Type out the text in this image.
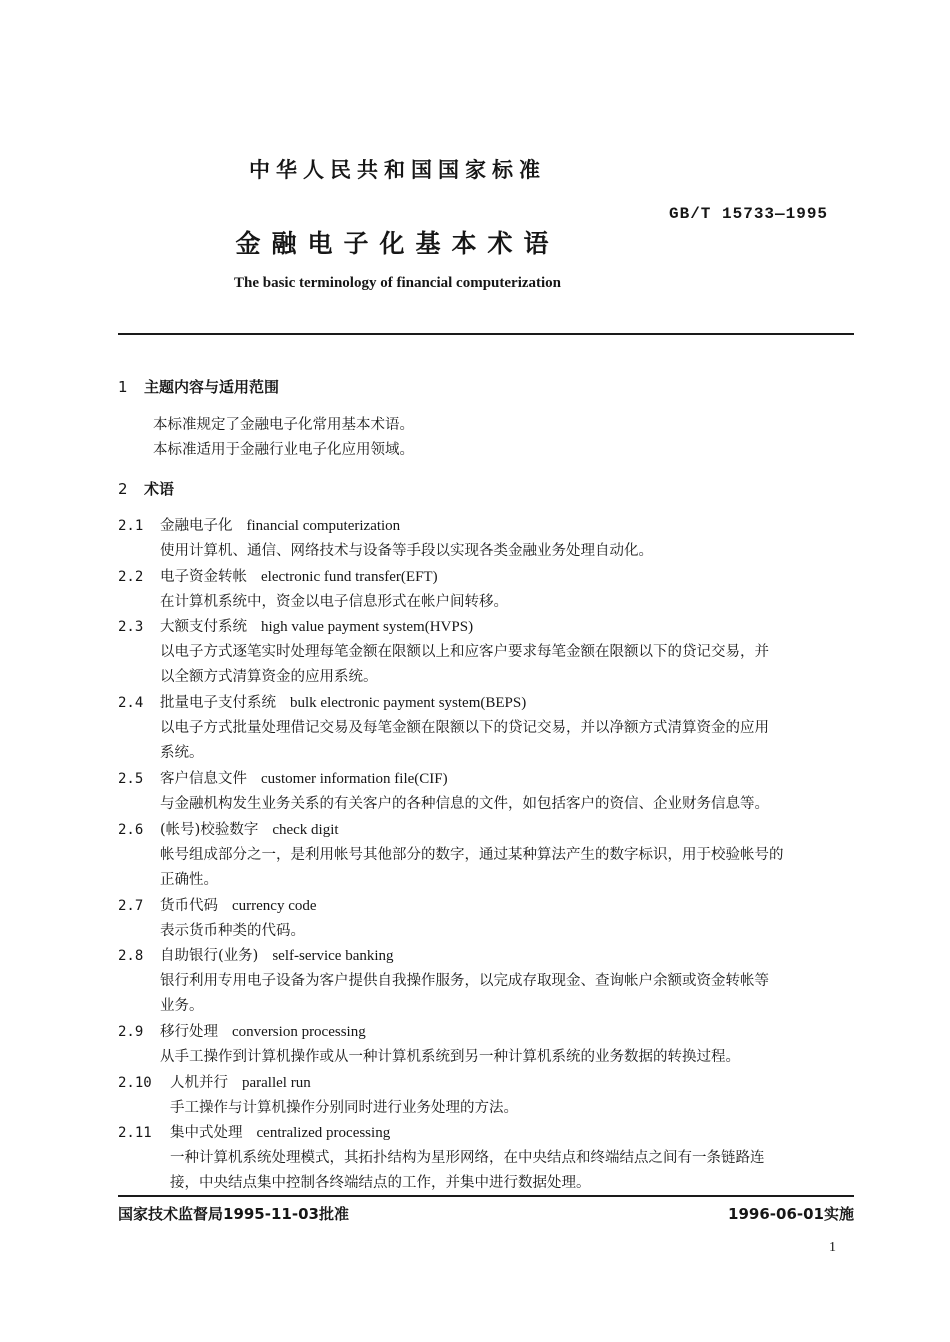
中华人民共和国国家标准
GB/T 15733—1995
金融电子化基本术语
The basic terminology of financial computerization
1 主题内容与适用范围
本标准规定了金融电子化常用基本术语。
本标准适用于金融行业电子化应用领域。
2 术语
2.1 金融电子化 financial computerization
使用计算机、通信、网络技术与设备等手段以实现各类金融业务处理自动化。
2.2 电子资金转帐 electronic fund transfer(EFT)
在计算机系统中，资金以电子信息形式在帐户间转移。
2.3 大额支付系统 high value payment system(HVPS)
以电子方式逐笔实时处理每笔金额在限额以上和应客户要求每笔金额在限额以下的贷记交易，并
以全额方式清算资金的应用系统。
2.4 批量电子支付系统 bulk electronic payment system(BEPS)
以电子方式批量处理借记交易及每笔金额在限额以下的贷记交易，并以净额方式清算资金的应用
系统。
2.5 客户信息文件 customer information file(CIF)
与金融机构发生业务关系的有关客户的各种信息的文件，如包括客户的资信、企业财务信息等。
2.6 (帐号)校验数字 check digit
帐号组成部分之一，是利用帐号其他部分的数字，通过某种算法产生的数字标识，用于校验帐号的
正确性。
2.7 货币代码 currency code
表示货币种类的代码。
2.8 自助银行(业务) self-service banking
银行利用专用电子设备为客户提供自我操作服务，以完成存取现金、查询帐户余额或资金转帐等
业务。
2.9 移行处理 conversion processing
从手工操作到计算机操作或从一种计算机系统到另一种计算机系统的业务数据的转换过程。
2.10 人机并行 parallel run
手工操作与计算机操作分别同时进行业务处理的方法。
2.11 集中式处理 centralized processing
一种计算机系统处理模式，其拓扑结构为星形网络，在中央结点和终端结点之间有一条链路连
接，中央结点集中控制各终端结点的工作，并集中进行数据处理。
国家技术监督局1995-11-03批准	1996-06-01实施
1
